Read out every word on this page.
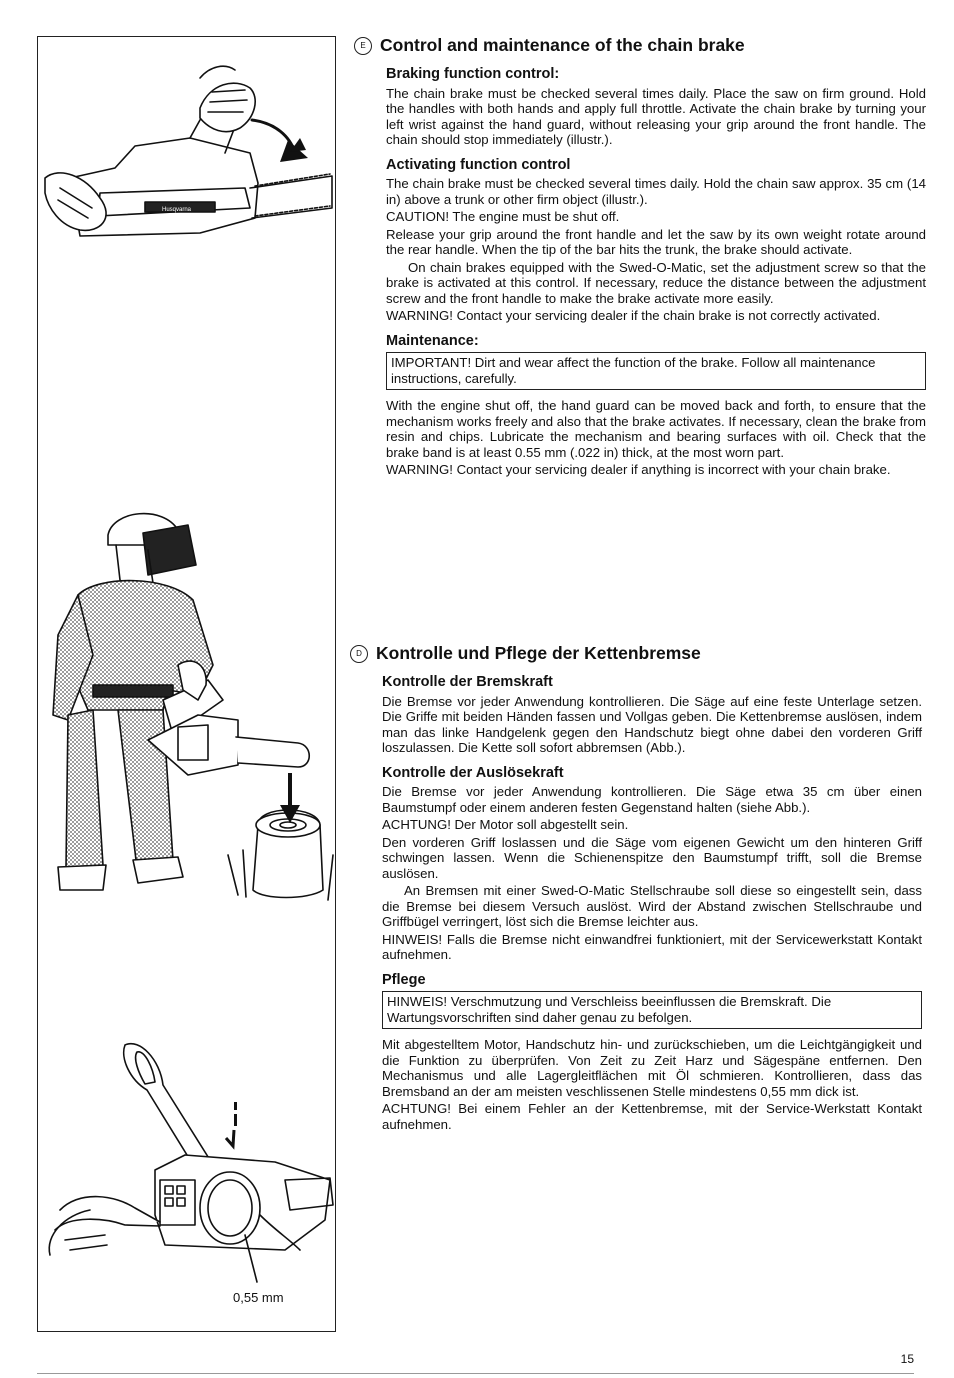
Husqvarna
0,55 mm
E Control and maintenance of the chain brake
Braking function control:

The chain brake must be checked several times daily. Place the saw on firm ground. Hold the handles with both hands and apply full throttle. Activate the chain brake by turning your left wrist against the hand guard, without releasing your grip around the front handle. The chain should stop immediately (illustr.).

Activating function control

The chain brake must be checked several times daily. Hold the chain saw approx. 35 cm (14 in) above a trunk or other firm object (illustr.).

CAUTION! The engine must be shut off.

Release your grip around the front handle and let the saw by its own weight rotate around the rear handle. When the tip of the bar hits the trunk, the brake should activate.

On chain brakes equipped with the Swed-O-Matic, set the adjustment screw so that the brake is activated at this control. If necessary, reduce the distance between the adjustment screw and the front handle to make the brake activate more easily.

WARNING! Contact your servicing dealer if the chain brake is not correctly activated.

Maintenance:
IMPORTANT! Dirt and wear affect the function of the brake. Follow all maintenance instructions, carefully.

With the engine shut off, the hand guard can be moved back and forth, to ensure that the mechanism works freely and also that the brake activates. If necessary, clean the brake from resin and chips. Lubricate the mechanism and bearing surfaces with oil. Check that the brake band is at least 0.55 mm (.022 in) thick, at the most worn part.

WARNING! Contact your servicing dealer if anything is incorrect with your chain brake.

D Kontrolle und Pflege der Kettenbremse
Kontrolle der Bremskraft

Die Bremse vor jeder Anwendung kontrollieren. Die Säge auf eine feste Unterlage setzen. Die Griffe mit beiden Händen fassen und Vollgas geben. Die Kettenbremse auslösen, indem man das linke Handgelenk gegen den Handschutz biegt ohne dabei den vorderen Griff loszulassen. Die Kette soll sofort abbremsen (Abb.).

Kontrolle der Auslösekraft

Die Bremse vor jeder Anwendung kontrollieren. Die Säge etwa 35 cm über einen Baumstumpf oder einem anderen festen Gegenstand halten (siehe Abb.).

ACHTUNG! Der Motor soll abgestellt sein.

Den vorderen Griff loslassen und die Säge vom eigenen Gewicht um den hinteren Griff schwingen lassen. Wenn die Schienenspitze den Baumstumpf trifft, soll die Bremse auslösen.

An Bremsen mit einer Swed-O-Matic Stellschraube soll diese so eingestellt sein, dass die Bremse bei diesem Versuch auslöst. Wird der Abstand zwischen Stellschraube und Griffbügel verringert, löst sich die Bremse leichter aus.

HINWEIS! Falls die Bremse nicht einwandfrei funktioniert, mit der Servicewerkstatt Kontakt aufnehmen.

Pflege
HINWEIS! Verschmutzung und Verschleiss beeinflussen die Bremskraft. Die Wartungsvorschriften sind daher genau zu befolgen.

Mit abgestelltem Motor, Handschutz hin- und zurückschieben, um die Leichtgängigkeit und die Funktion zu überprüfen. Von Zeit zu Zeit Harz und Sägespäne entfernen. Den Mechanismus und alle Lagergleitflächen mit Öl schmieren. Kontrollieren, dass das Bremsband an der am meisten veschlissenen Stelle mindestens 0,55 mm dick ist.

ACHTUNG! Bei einem Fehler an der Kettenbremse, mit der Service-Werkstatt Kontakt aufnehmen.

15
